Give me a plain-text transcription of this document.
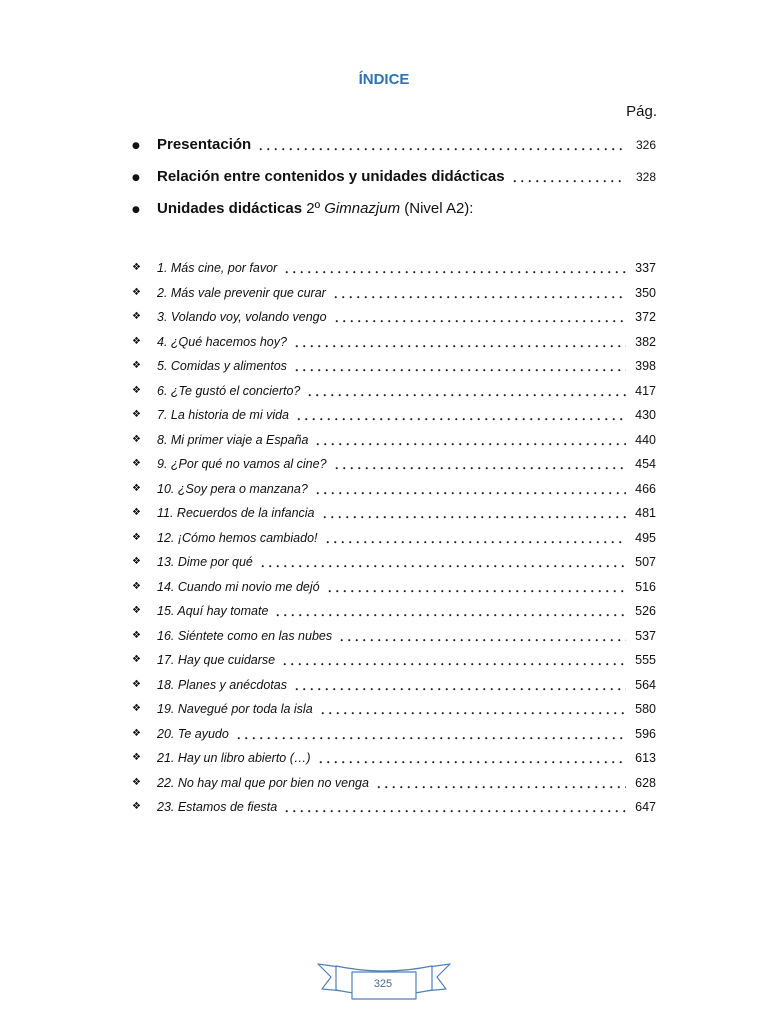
ÍNDICE
Pág.
●
Presentación	326
●
Relación entre contenidos y unidades didácticas	328
●
Unidades didácticas 2º Gimnazjum (Nivel A2):
❖
1. Más cine, por favor	337
❖
2. Más vale prevenir que curar	350
❖
3. Volando voy, volando vengo	372
❖
4. ¿Qué hacemos hoy?	382
❖
5. Comidas y alimentos	398
❖
6. ¿Te gustó el concierto?	417
❖
7. La historia de mi vida	430
❖
8. Mi primer viaje a España	440
❖
9. ¿Por qué no vamos al cine?	454
❖
10. ¿Soy pera o manzana?	466
❖
11. Recuerdos de la infancia	481
❖
12. ¡Cómo hemos cambiado!	495
❖
13. Dime por qué	507
❖
14. Cuando mi novio me dejó	516
❖
15. Aquí hay tomate	526
❖
16. Siéntete como en las nubes	537
❖
17. Hay que cuidarse	555
❖
18. Planes y anécdotas	564
❖
19. Navegué por toda la isla	580
❖
20. Te ayudo	596
❖
21. Hay un libro abierto (…)	613
❖
22. No hay mal que por bien no venga	628
❖
23. Estamos de fiesta	647
325
